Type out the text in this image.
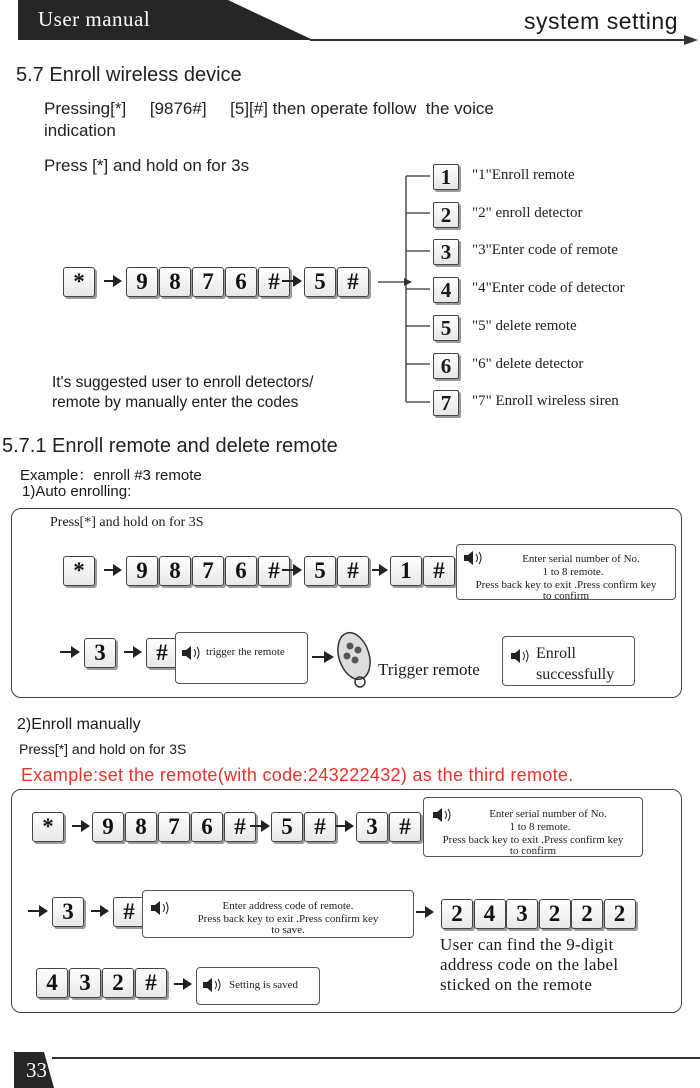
User manual	system setting
5.7 Enroll wireless device
Pressing[*]     [9876#]     [5][#] then operate follow  the voice
indication
Press [*] and hold on for 3s
*	9 8 7 6 #	5 #
1	"1"Enroll remote
2	"2" enroll detector
3	"3"Enter code of remote
4	"4"Enter code of detector
5	"5" delete remote
6	"6" delete detector
7	"7" Enroll wireless siren
It's suggested user to enroll detectors/
remote by manually enter the codes
5.7.1 Enroll remote and delete remote
Example：enroll #3 remote
1)Auto enrolling:
Press[*] and hold on for 3S
*	9 8 7 6 #	5 #	1 #	Enter serial number of No.
1 to 8 remote.
Press back key to exit .Press confirm key
to confirm
3	#	trigger the remote
Trigger remote
Enroll
successfully
2)Enroll manually
Press[*] and hold on for 3S
Example:set the remote(with code:243222432) as the third remote.
*	9 8 7 6 #	5 #	3 #	Enter serial number of No.
1 to 8 remote.
Press back key to exit .Press confirm key
to confirm
3	#	Enter address code of remote.
Press back key to exit .Press confirm key
to save.
2 4 3 2 2 2
User can find the 9-digit
address code on the label
sticked on the remote
4 3 2 #	Setting is saved
33
